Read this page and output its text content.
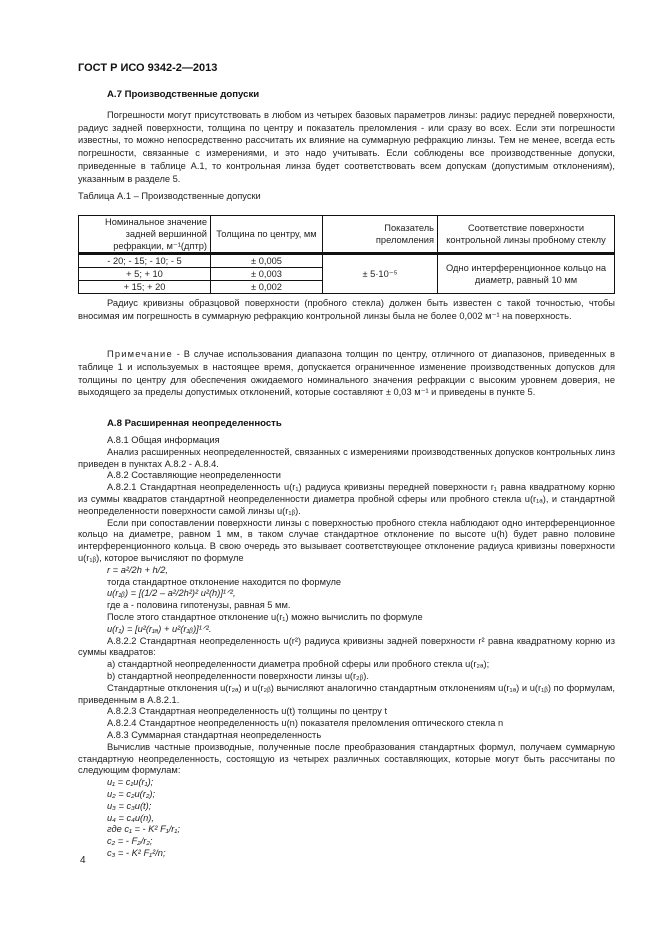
ГОСТ Р ИСО 9342-2—2013
А.7 Производственные допуски

Погрешности могут присутствовать в любом из четырех базовых параметров линзы: радиус передней поверхности, радиус задней поверхности, толщина по центру и показатель преломления - или сразу во всех. Если эти погрешности известны, то можно непосредственно рассчитать их влияние на суммарную рефракцию линзы. Тем не менее, всегда есть погрешности, связанные с измерениями, и это надо учитывать. Если соблюдены все производственные допуски, приведенные в таблице А.1, то контрольная линза будет соответствовать всем допускам (допустимым отклонениям), указанным в разделе 5.

Таблица А.1 – Производственные допуски
Номинальное значение задней вершинной рефракции, м⁻¹(дптр)	Толщина по центру, мм	Показатель преломления	Соответствие поверхности контрольной линзы пробному стеклу
- 20; - 15; - 10; - 5	± 0,005	± 5·10⁻⁵	Одно интерференционное кольцо на диаметр, равный 10 мм
+ 5; + 10	± 0,003		
+ 15; + 20	± 0,002		

Радиус кривизны образцовой поверхности (пробного стекла) должен быть известен с такой точностью, чтобы вносимая им погрешность в суммарную рефракцию контрольной линзы была не более 0,002 м⁻¹ на поверхность.

Примечание - В случае использования диапазона толщин по центру, отличного от диапазонов, приведенных в таблице 1 и используемых в настоящее время, допускается ограниченное изменение производственных допусков для толщины по центру для обеспечения ожидаемого номинального значения рефракции с высоким уровнем доверия, не выходящего за пределы допустимых отклонений, которые составляют ± 0,03 м⁻¹ и приведены в пункте 5.

А.8 Расширенная неопределенность

А.8.1 Общая информация

Анализ расширенных неопределенностей, связанных с измерениями производственных допусков контрольных линз приведен в пунктах А.8.2 - А.8.4.

А.8.2 Составляющие неопределенности

А.8.2.1 Стандартная неопределенность u(r₁) радиуса кривизны передней поверхности r₁ равна квадратному корню из суммы квадратов стандартной неопределенности диаметра пробной сферы или пробного стекла u(r₁ₐ), и стандартной неопределенности поверхности самой линзы u(r₁ᵦ).

Если при сопоставлении поверхности линзы с поверхностью пробного стекла наблюдают одно интерференционное кольцо на диаметре, равном 1 мм, в таком случае стандартное отклонение по высоте u(h) будет равно половине интерференционного кольца. В свою очередь это вызывает соответствующее отклонение радиуса кривизны поверхности u(r₁ᵦ), которое вычисляют по формуле

r = a²/2h + h/2,

тогда стандартное отклонение находится по формуле

u(r₁ᵦ) = [(1/2 – a²/2h²)² u²(h)]¹ᐟ²,

где a - половина гипотенузы, равная 5 мм.

После этого стандартное отклонение u(r₁) можно вычислить по формуле

u(r₁) = [u²(r₁ₐ) + u²(r₁ᵦ)]¹ᐟ².

А.8.2.2 Стандартная неопределенность u(r²) радиуса кривизны задней поверхности r² равна квадратному корню из суммы квадратов:

a) стандартной неопределенности диаметра пробной сферы или пробного стекла u(r₂ₐ);

b) стандартной неопределенности поверхности линзы u(r₂ᵦ).

Стандартные отклонения u(r₂ₐ) и u(r₂ᵦ) вычисляют аналогично стандартным отклонениям u(r₁ₐ) и u(r₁ᵦ) по формулам, приведенным в А.8.2.1.

А.8.2.3 Стандартная неопределенность u(t) толщины по центру t

А.8.2.4 Стандартное неопределенность u(n) показателя преломления оптического стекла n

А.8.3 Суммарная стандартная неопределенность

Вычислив частные производные, полученные после преобразования стандартных формул, получаем суммарную стандартную неопределенность, состоящую из четырех различных составляющих, которые могут быть рассчитаны по следующим формулам:

u₁ = c₁u(r₁);

u₂ = c₂u(r₂);

u₃ = c₃u(t);

u₄ = c₄u(n),

где c₁ = - K² F₁/r₁;

c₂ = - F₂/r₂;

c₃ = - K² F₁²/n;

4
